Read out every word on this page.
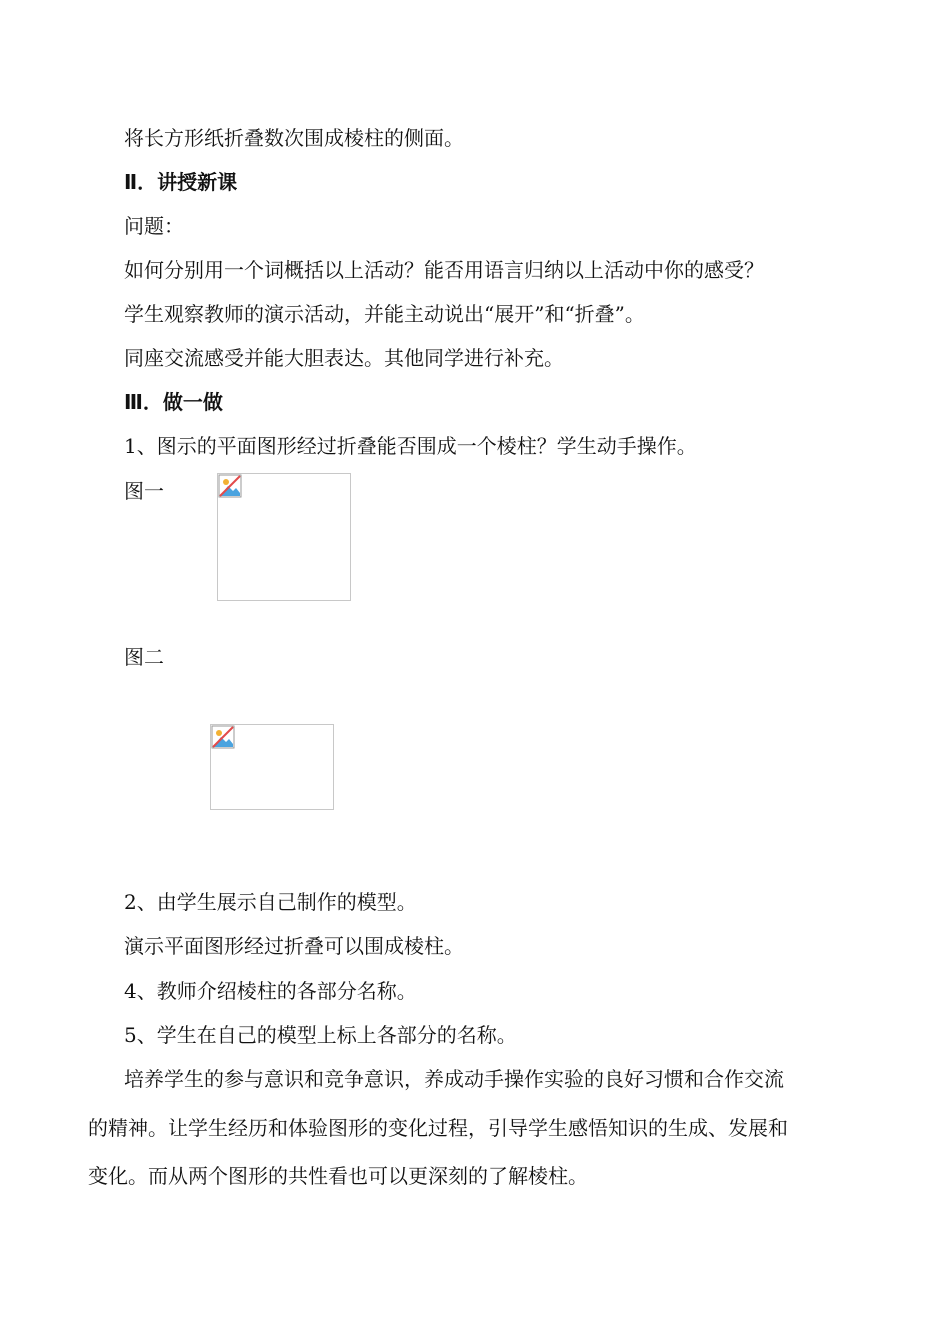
将长方形纸折叠数次围成棱柱的侧面。
Ⅱ．讲授新课
问题：
如何分别用一个词概括以上活动？能否用语言归纳以上活动中你的感受？
学生观察教师的演示活动，并能主动说出“展开”和“折叠”。
同座交流感受并能大胆表达。其他同学进行补充。
Ⅲ．做一做
1、图示的平面图形经过折叠能否围成一个棱柱？学生动手操作。
图一
图二
2、由学生展示自己制作的模型。
演示平面图形经过折叠可以围成棱柱。
4、教师介绍棱柱的各部分名称。
5、学生在自己的模型上标上各部分的名称。
培养学生的参与意识和竞争意识，养成动手操作实验的良好习惯和合作交流
的精神。让学生经历和体验图形的变化过程，引导学生感悟知识的生成、发展和
变化。而从两个图形的共性看也可以更深刻的了解棱柱。
